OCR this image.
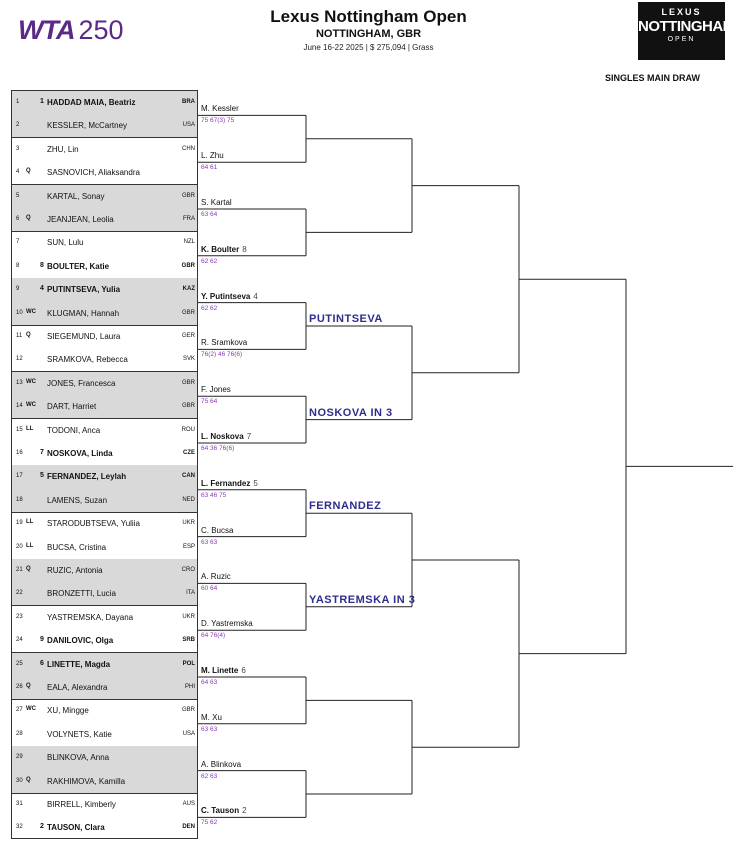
WTA 250	Lexus Nottingham Open
NOTTINGHAM, GBR
June 16-22 2025 | $ 275,094 | Grass
LEXUS
NOTTINGHAM
OPEN
SINGLES MAIN DRAW
1	1 HADDAD MAIA, Beatriz	BRA
2	KESSLER, McCartney	USA
3	ZHU, Lin	CHN
4 Q SASNOVICH, Aliaksandra
5	KARTAL, Sonay	GBR
6 Q JEANJEAN, Leolia	FRA
7	SUN, Lulu	NZL
8	8 BOULTER, Katie	GBR
9	4 PUTINTSEVA, Yulia	KAZ
10 WC KLUGMAN, Hannah	GBR
11 Q SIEGEMUND, Laura	GER
12	SRAMKOVA, Rebecca	SVK
13 WC JONES, Francesca	GBR
14 WC DART, Harriet	GBR
15 LL TODONI, Anca	ROU
16 7 NOSKOVA, Linda	CZE
17 5 FERNANDEZ, Leylah	CAN
18	LAMENS, Suzan	NED
19 LL STARODUBTSEVA, Yuliia	UKR
20 LL BUCSA, Cristina	ESP
21 Q RUZIC, Antonia	CRO
22	BRONZETTI, Lucia	ITA
23	YASTREMSKA, Dayana	UKR
24 9 DANILOVIC, Olga	SRB
25 6 LINETTE, Magda	POL
26 Q EALA, Alexandra	PHI
27 WC XU, Mingge	GBR
28	VOLYNETS, Katie	USA
29	BLINKOVA, Anna
30 Q RAKHIMOVA, Kamilla
31	BIRRELL, Kimberly	AUS
32 2 TAUSON, Clara	DEN
M. Kessler
75 67(3) 75
L. Zhu
64 61
S. Kartal
63 64
K. Boulter 8
62 62
Y. Putintseva 4
62 62
R. Sramkova
76(2) 46 76(6)
F. Jones
75 64
L. Noskova 7
64 36 76(6)
L. Fernandez 5
63 46 75
C. Bucsa
63 63
A. Ruzic
60 64
D. Yastremska
64 76(4)
M. Linette 6
64 63
M. Xu
63 63
A. Blinkova
62 63
C. Tauson 2
75 62
PUTINTSEVA
NOSKOVA IN 3
FERNANDEZ
YASTREMSKA IN 3
